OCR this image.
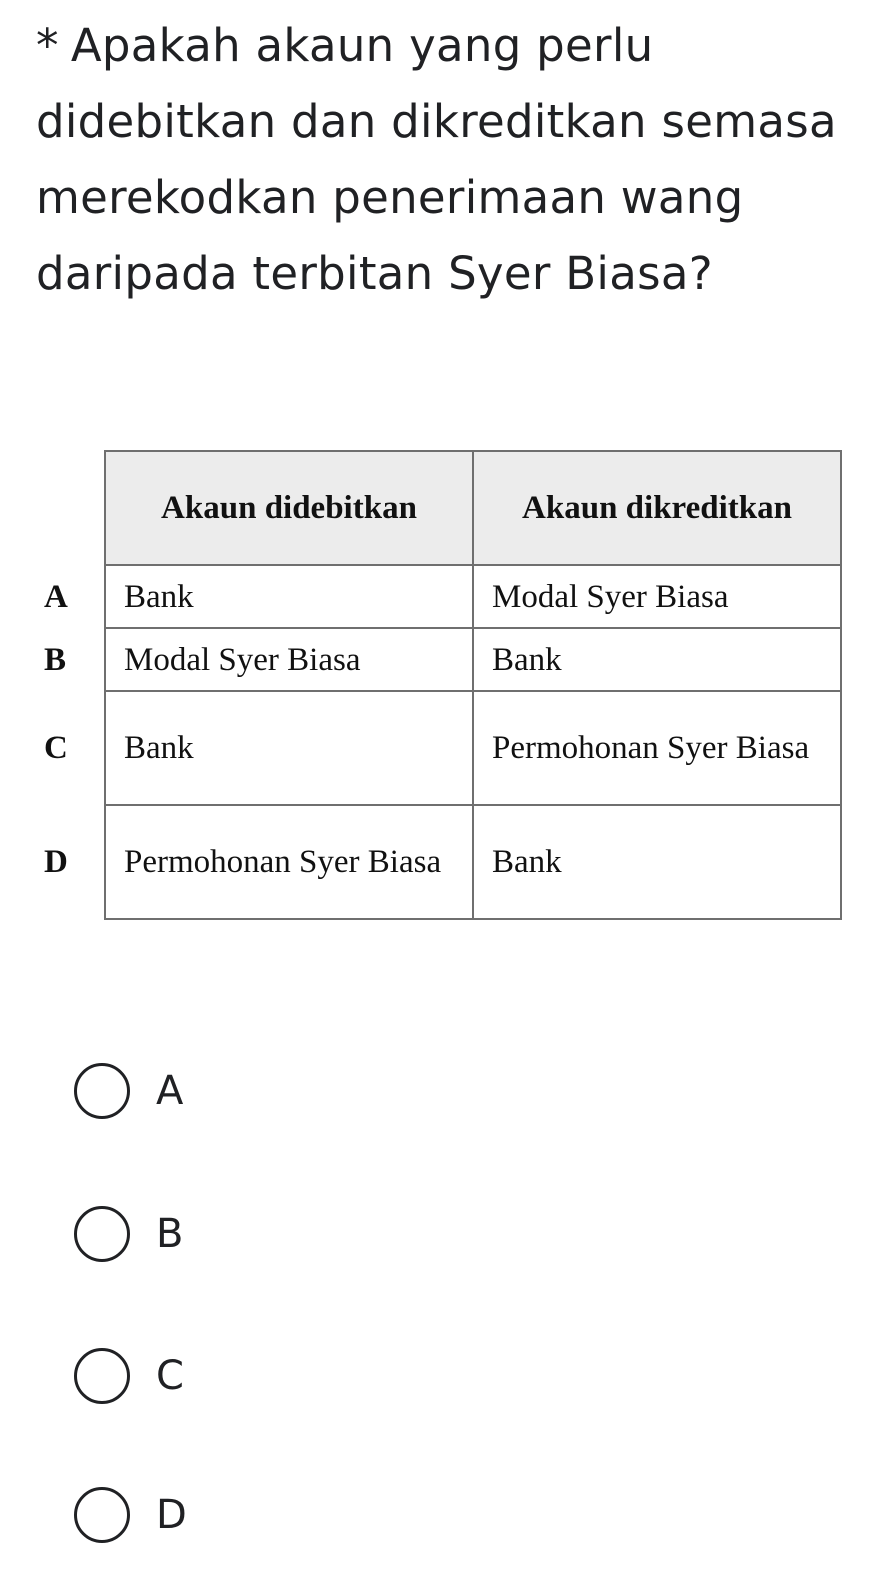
* Apakah akaun yang perlu didebitkan dan dikreditkan semasa merekodkan penerimaan wang daripada terbitan Syer Biasa?

	Akaun didebitkan	Akaun dikreditkan
A	Bank	Modal Syer Biasa
B	Modal Syer Biasa	Bank
C	Bank	Permohonan Syer Biasa
D	Permohonan Syer Biasa	Bank
A
B
C
D
